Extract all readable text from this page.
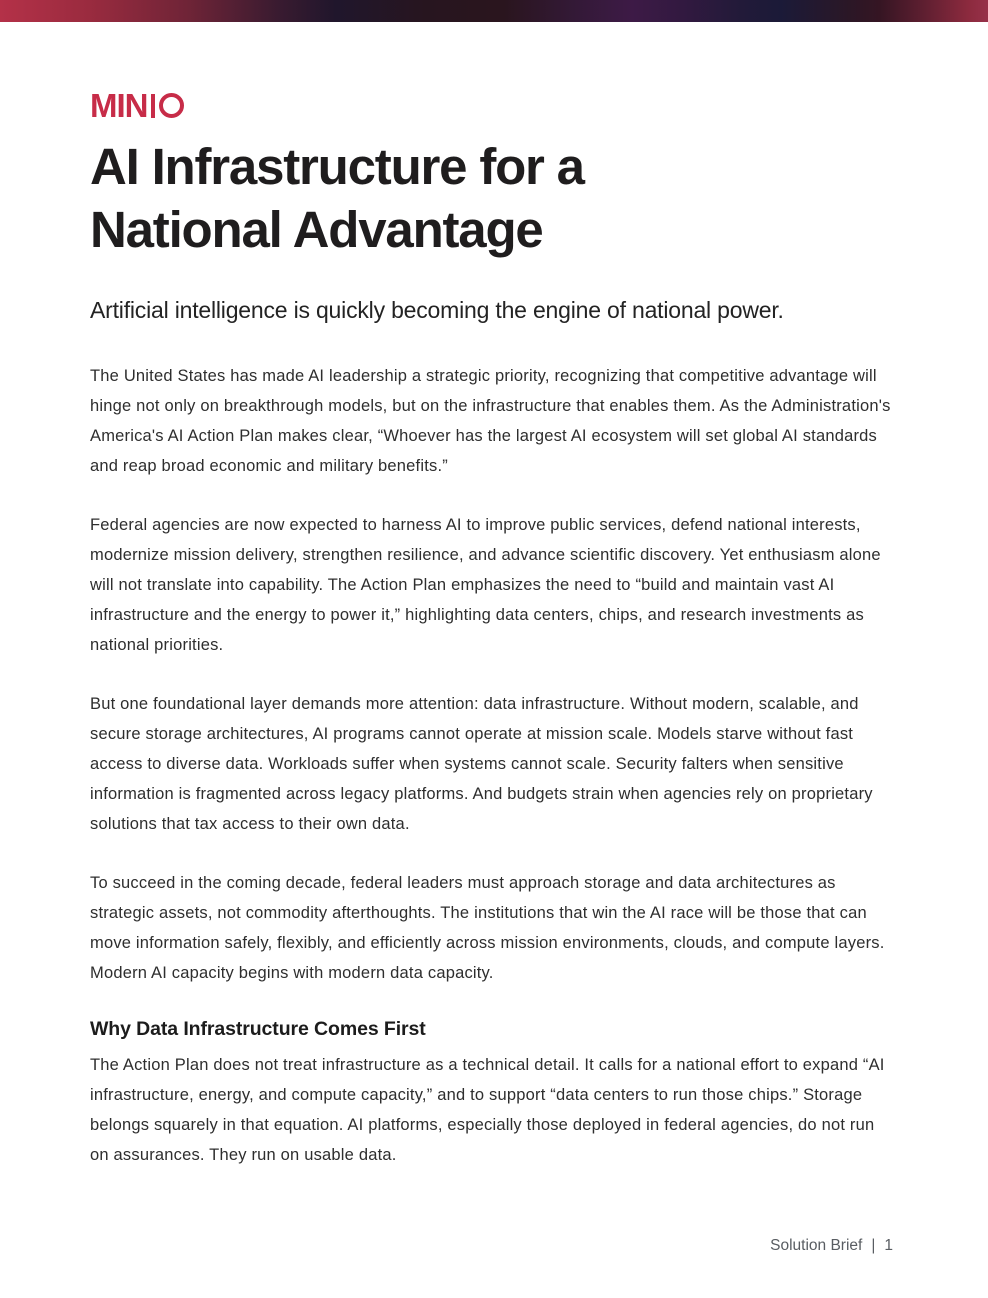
MIN
AI Infrastructure for a
National Advantage
Artificial intelligence is quickly becoming the engine of national power.

The United States has made AI leadership a strategic priority, recognizing that competitive advantage will hinge not only on breakthrough models, but on the infrastructure that enables them. As the Administration's America's AI Action Plan makes clear, “Whoever has the largest AI ecosystem will set global AI standards and reap broad economic and military benefits.”

Federal agencies are now expected to harness AI to improve public services, defend national interests, modernize mission delivery, strengthen resilience, and advance scientific discovery. Yet enthusiasm alone will not translate into capability. The Action Plan emphasizes the need to “build and maintain vast AI infrastructure and the energy to power it,” highlighting data centers, chips, and research investments as national priorities.

But one foundational layer demands more attention: data infrastructure. Without modern, scalable, and secure storage architectures, AI programs cannot operate at mission scale. Models starve without fast access to diverse data. Workloads suffer when systems cannot scale. Security falters when sensitive information is fragmented across legacy platforms. And budgets strain when agencies rely on proprietary solutions that tax access to their own data.

To succeed in the coming decade, federal leaders must approach storage and data architectures as strategic assets, not commodity afterthoughts. The institutions that win the AI race will be those that can move information safely, flexibly, and efficiently across mission environments, clouds, and compute layers. Modern AI capacity begins with modern data capacity.

Why Data Infrastructure Comes First

The Action Plan does not treat infrastructure as a technical detail. It calls for a national effort to expand “AI infrastructure, energy, and compute capacity,” and to support “data centers to run those chips.” Storage belongs squarely in that equation. AI platforms, especially those deployed in federal agencies, do not run on assurances. They run on usable data.

Solution Brief | 1
